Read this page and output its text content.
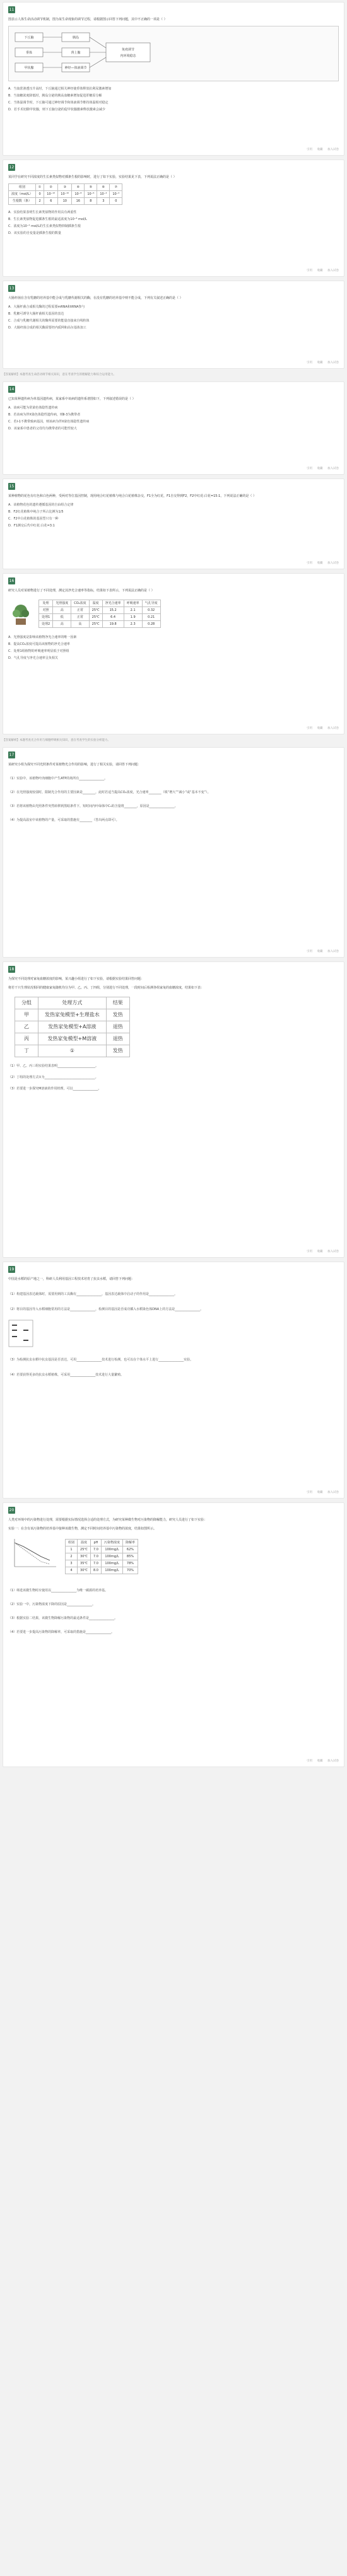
11
图表示人体生命活动调节机制，图为某生命现象的调节过程，请根据图示回答下列问题，其中不正确的一项是（ ）
下丘脑
垂体
甲状腺
胰岛
肾上腺
神经—体液调节
免疫调节
内环境稳态
A．当血浆渗透压升高时，下丘脑通过相关神经使垂体释放抗利尿激素增加
B．当血糖浓度降低时，胰岛分泌的胰高血糖素增加促进肝糖原分解
C．当体温调节时，下丘脑可通过神经调节和体液调节维持体温相对稳定
D．若手术切除甲状腺，则下丘脑分泌的促甲状腺激素释放激素会减少
引用 收藏 加入试卷
12
某同学在研究不同浓度的生长素类似物对插条生根的影响时，进行了如下实验，实验结果见下表，下列说法正确的是（ ）
组别	①	②	③	④	⑤	⑥	⑦
浓度（mol/L）	0	10⁻¹²	10⁻¹⁰	10⁻⁸	10⁻⁶	10⁻⁴	10⁻²
生根数（条）	2	6	10	16	8	3	0
A．实验结果表明生长素类似物的作用具有两重性
B．生长素类似物促进插条生根的最适浓度为10⁻⁸ mol/L
C．浓度为10⁻² mol/L的生长素类似物抑制插条生根
D．该实验的自变量是插条生根的数量
引用 收藏 加入试卷
13
大肠杆菌在含有乳糖的培养基中能合成与乳糖代谢相关的酶，在没有乳糖的培养基中则不能合成，下列有关叙述正确的是（ ）
A．大肠杆菌合成相关酶的过程需要mRNA和tRNA参与
B．乳糖可诱导大肠杆菌相关基因的表达
C．合成与乳糖代谢相关的酶所需要的能量直接来自线粒体
D．大肠杆菌合成的相关酶需要经内质网和高尔基体加工
引用 收藏 加入试卷
【答案解析】本题考查生命活动调节相关知识，意在考查学生的理解能力和综合运用能力。
14
已知某种遗传病为单基因遗传病，某家系中该病的遗传系谱图如下，下列叙述错误的是（ ）
A．该病可能为常染色体隐性遗传病
B．若该病为伴X染色体隐性遗传病，则Ⅱ-3为携带者
C．若Ⅰ-1不携带致病基因，则该病为伴X染色体隐性遗传病
D．该家系中患者的父母均为携带者的可能性较大
引用 收藏 加入试卷
15
某种植物的花色有红色和白色两种，受两对等位基因控制，现用纯合红花植株与纯合白花植株杂交，F1全为红花，F1自交得到F2，F2中红花:白花=15:1，下列说法正确的是（ ）
A．该植物花色的遗传遵循基因的自由组合定律
B．F2红花植株中纯合子所占比例为1/5
C．F2中白花植株的基因型只有一种
D．F1测交后代中红花:白花=3:1
引用 收藏 加入试卷
16
研究人员对某植物进行了不同处理，测定其净光合速率等指标，结果如下表所示，下列说法正确的是（ ）
处理	光照强度	CO₂浓度	温度	净光合速率	呼吸速率	气孔导度
对照	高	正常	25℃	15.2	2.1	0.32
处理1	低	正常	25℃	6.4	1.9	0.21
处理2	高	高	25℃	19.8	2.3	0.28
A．光照强度是影响该植物净光合速率的唯一因素
B．提高CO₂浓度可提高该植物的净光合速率
C．处理1组植物的呼吸速率明显低于对照组
D．气孔导度与净光合速率呈负相关
引用 收藏 加入试卷
【答案解析】本题考查光合作用与细胞呼吸相关知识，意在考查学生的实验分析能力。
17
某研究小组为探究不同光照条件对某植物光合作用的影响，进行了相关实验，请回答下列问题：
（1）实验中，该植物叶肉细胞中产生ATP的场所有________________。
（2）在光照强度较弱时，限制光合作用的主要因素是________，此时若适当提高CO₂浓度，光合速率________（填“增大”“减小”或“基本不变”）。
（3）若将该植物由光照条件突然转移到黑暗条件下，短时间内叶绿体中C₃的含量将________，原因是________________。
（4）为提高温室中该植物的产量，可采取的措施有________（答出两点即可）。
引用 收藏 加入试卷
18
为探究不同处理对家兔血糖浓度的影响，某兴趣小组进行了如下实验，请根据实验结果回答问题：
将若干只生理状况相同的健康家兔随机均分为甲、乙、丙、丁四组，分别进行不同处理，一段时间后检测各组家兔的血糖浓度，结果如下表：
分组	处理方式	结果
甲	发热家兔模型+生理盐水	发热
乙	发热家兔模型+A溶液	退热
丙	发热家兔模型+M溶液	退热
丁	①	发热
（1）甲、乙、丙三组实验结果表明________________________。
（2）丁组的处理方式①为________________________________。
（3）若要进一步探究M溶液的作用机理，可以________________。
引用 收藏 加入试卷
19
中国是水稻的原产地之一，科研人员利用基因工程技术培育了抗虫水稻，请回答下列问题：
（1）构建基因表达载体时，需要用到的工具酶有________________，基因表达载体中启动子的作用是________________。
（2）将目的基因导入水稻细胞常用的方法是________________，检测目的基因是否成功插入水稻染色体DNA上的方法是________________。
（3）为检测抗虫水稻中抗虫基因是否表达，可用________________技术进行检测，也可以在个体水平上进行________________实验。
（4）若要获得更多的抗虫水稻植株，可采用________________技术进行大量繁殖。
引用 收藏 加入试卷
20
人类对环境中的污染物进行处理，需要根据实际情况选择合适的处理方式，为研究某种微生物对污染物的降解能力，研究人员进行了如下实验：
实验一：在含有该污染物的培养基中接种该微生物，测定不同时间培养基中污染物的浓度，结果如图所示。
组别	温度	pH	污染物浓度	降解率
1	25℃	7.0	100mg/L	62%
2	30℃	7.0	100mg/L	85%
3	35℃	7.0	100mg/L	78%
4	30℃	8.0	100mg/L	70%
（1）筛选该微生物时应使用以________________为唯一碳源的培养基。
（2）实验一中，污染物浓度下降的原因是________________。
（3）根据实验二结果，该微生物降解污染物的最适条件是________________。
（4）若要进一步提高污染物的降解率，可采取的措施是________________。
引用 收藏 加入试卷
